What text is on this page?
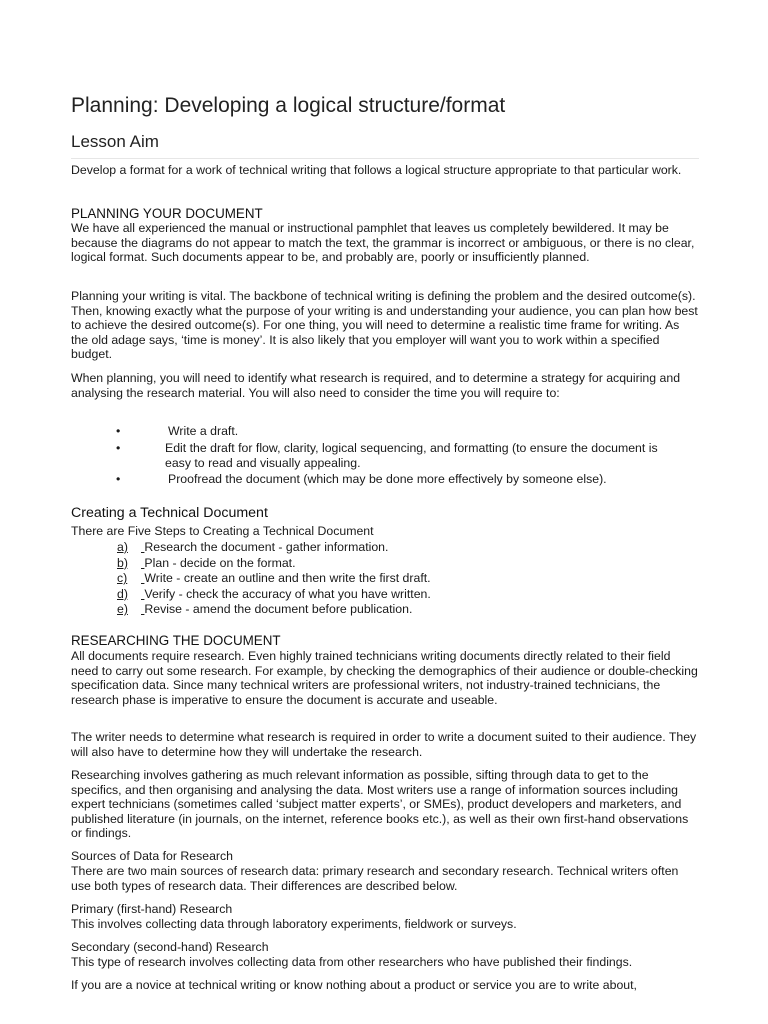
Planning: Developing a logical structure/format
Lesson Aim

Develop a format for a work of technical writing that follows a logical structure appropriate to that particular work.

PLANNING YOUR DOCUMENT

We have all experienced the manual or instructional pamphlet that leaves us completely bewildered. It may be because the diagrams do not appear to match the text, the grammar is incorrect or ambiguous, or there is no clear, logical format. Such documents appear to be, and probably are, poorly or insufficiently planned.

Planning your writing is vital. The backbone of technical writing is defining the problem and the desired outcome(s). Then, knowing exactly what the purpose of your writing is and understanding your audience, you can plan how best to achieve the desired outcome(s). For one thing, you will need to determine a realistic time frame for writing. As the old adage says, ‘time is money’. It is also likely that you employer will want you to work within a specified budget.

When planning, you will need to identify what research is required, and to determine a strategy for acquiring and analysing the research material. You will also need to consider the time you will require to:

•	Write a draft.
•	Edit the draft for flow, clarity, logical sequencing, and formatting (to ensure the document is easy to read and visually appealing.
•	Proofread the document (which may be done more effectively by someone else).
Creating a Technical Document

There are Five Steps to Creating a Technical Document

a) Research the document - gather information.
b) Plan - decide on the format.
c) Write - create an outline and then write the first draft.
d) Verify - check the accuracy of what you have written.
e) Revise - amend the document before publication.
RESEARCHING THE DOCUMENT

All documents require research. Even highly trained technicians writing documents directly related to their field need to carry out some research. For example, by checking the demographics of their audience or double-checking specification data. Since many technical writers are professional writers, not industry-trained technicians, the research phase is imperative to ensure the document is accurate and useable.

The writer needs to determine what research is required in order to write a document suited to their audience. They will also have to determine how they will undertake the research.

Researching involves gathering as much relevant information as possible, sifting through data to get to the specifics, and then organising and analysing the data. Most writers use a range of information sources including expert technicians (sometimes called ‘subject matter experts’, or SMEs), product developers and marketers, and published literature (in journals, on the internet, reference books etc.), as well as their own first-hand observations or findings.

Sources of Data for Research

There are two main sources of research data: primary research and secondary research. Technical writers often use both types of research data. Their differences are described below.

Primary (first-hand) Research

This involves collecting data through laboratory experiments, fieldwork or surveys.

Secondary (second-hand) Research

This type of research involves collecting data from other researchers who have published their findings.

If you are a novice at technical writing or know nothing about a product or service you are to write about,
